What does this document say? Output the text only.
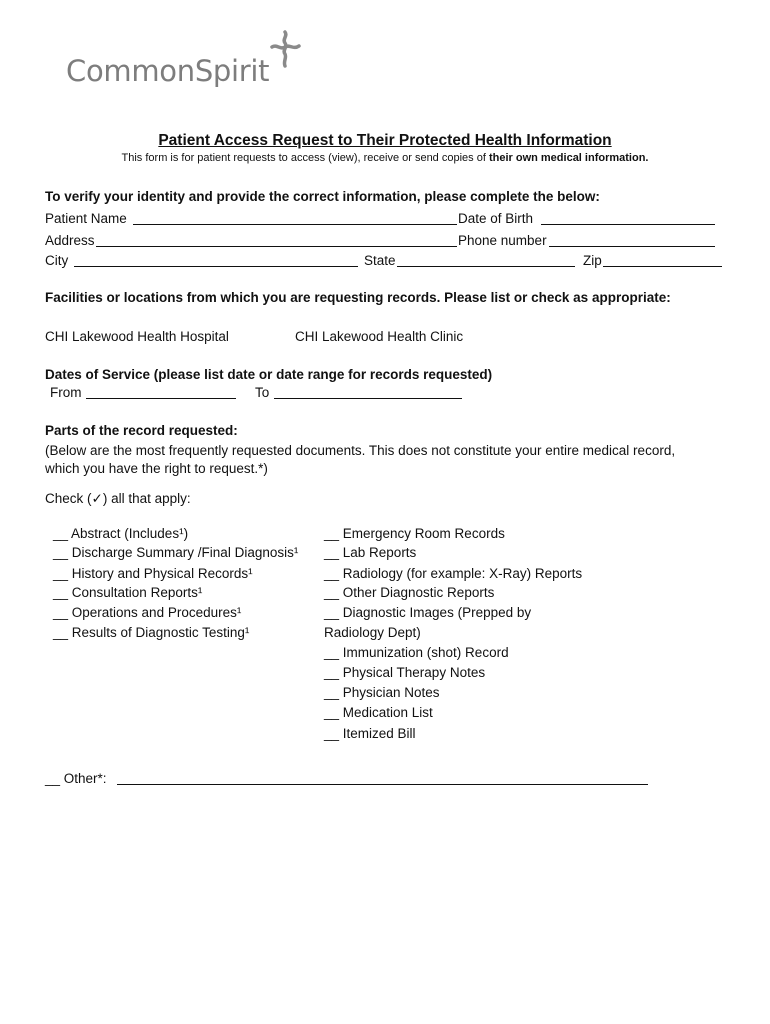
CommonSpirit
Patient Access Request to Their Protected Health Information
This form is for patient requests to access (view), receive or send copies of their own medical information.
To verify your identity and provide the correct information, please complete the below:
Patient Name	Date of Birth
Address	Phone number
City	State	Zip
Facilities or locations from which you are requesting records. Please list or check as appropriate:
CHI Lakewood Health Hospital	CHI Lakewood Health Clinic
Dates of Service (please list date or date range for records requested)
From	To
Parts of the record requested:
(Below are the most frequently requested documents. This does not constitute your entire medical record,
which you have the right to request.*)
Check (✓) all that apply:
__ Abstract (Includes¹)
__ Discharge Summary /Final Diagnosis¹
__ History and Physical Records¹
__ Consultation Reports¹
__ Operations and Procedures¹
__ Results of Diagnostic Testing¹
__ Emergency Room Records
__ Lab Reports
__ Radiology (for example: X-Ray) Reports
__ Other Diagnostic Reports
__ Diagnostic Images (Prepped by
Radiology Dept)
__ Immunization (shot) Record
__ Physical Therapy Notes
__ Physician Notes
__ Medication List
__ Itemized Bill
__ Other*:
